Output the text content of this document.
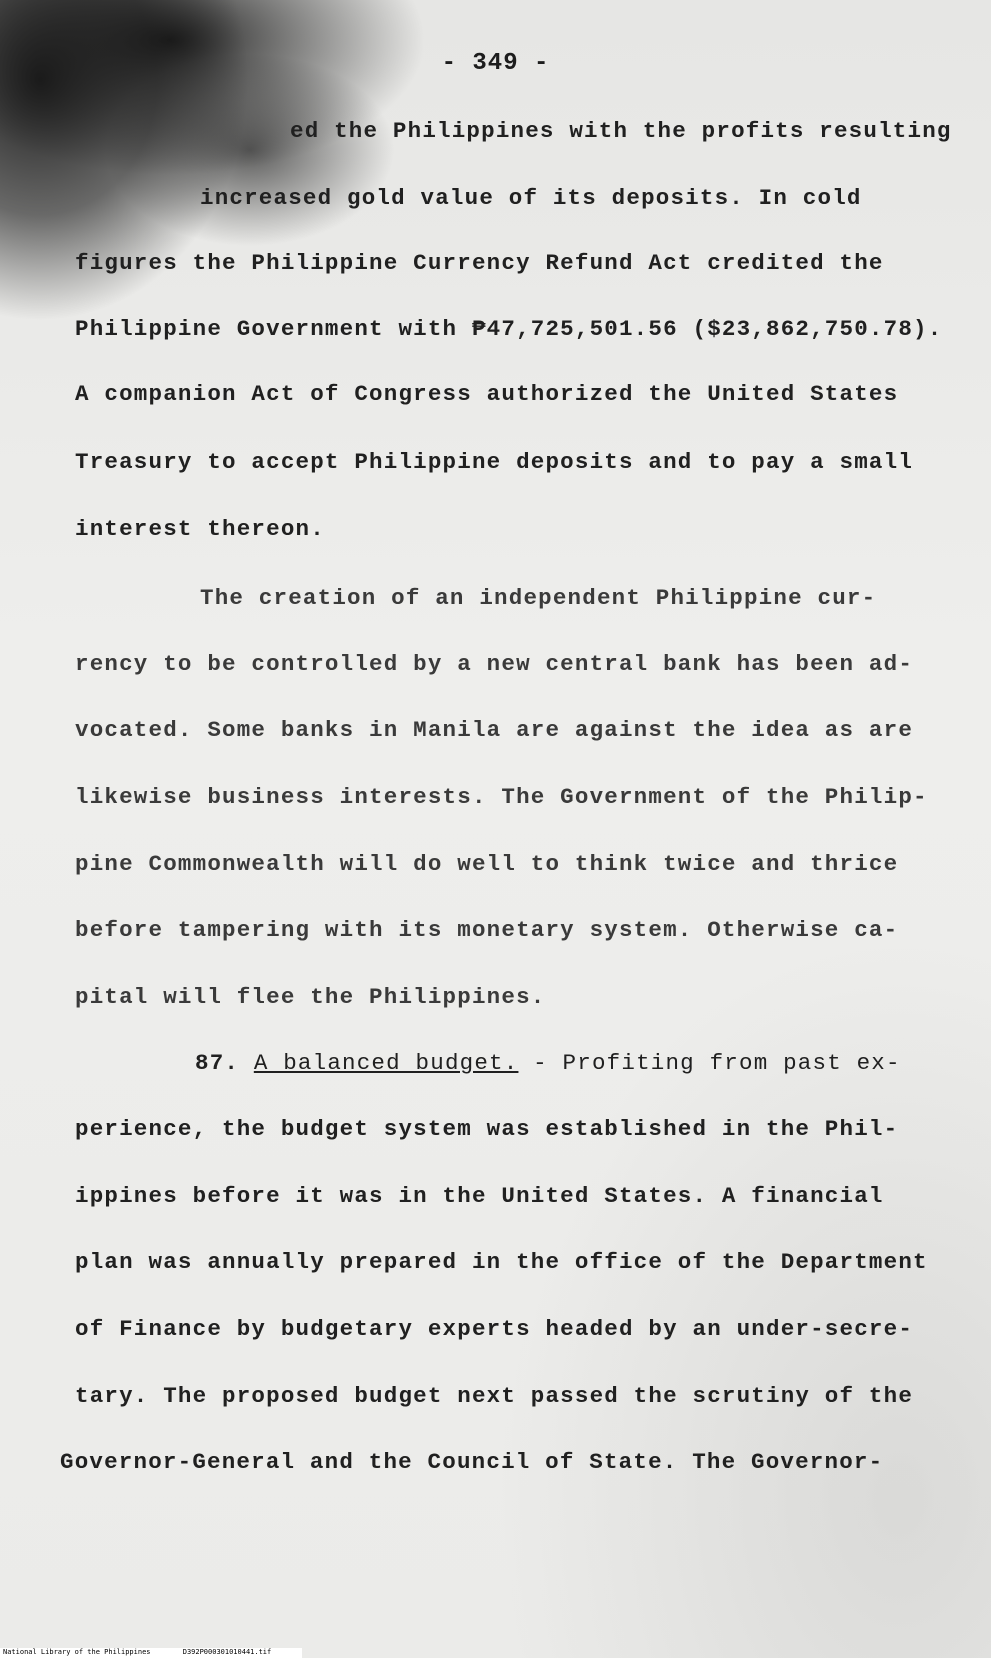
- 349 -
ed the Philippines with the profits resulting
increased gold value of its deposits. In cold
figures the Philippine Currency Refund Act credited the
Philippine Government with ₱47,725,501.56 ($23,862,750.78).
A companion Act of Congress authorized the United States
Treasury to accept Philippine deposits and to pay a small
interest thereon.
The creation of an independent Philippine cur-
rency to be controlled by a new central bank has been ad-
vocated. Some banks in Manila are against the idea as are
likewise business interests. The Government of the Philip-
pine Commonwealth will do well to think twice and thrice
before tampering with its monetary system. Otherwise ca-
pital will flee the Philippines.
87. A balanced budget. - Profiting from past ex-
perience, the budget system was established in the Phil-
ippines before it was in the United States. A financial
plan was annually prepared in the office of the Department
of Finance by budgetary experts headed by an under-secre-
tary. The proposed budget next passed the scrutiny of the
Governor-General and the Council of State. The Governor-
National Library of the Philippines	D392P000301010441.tif
